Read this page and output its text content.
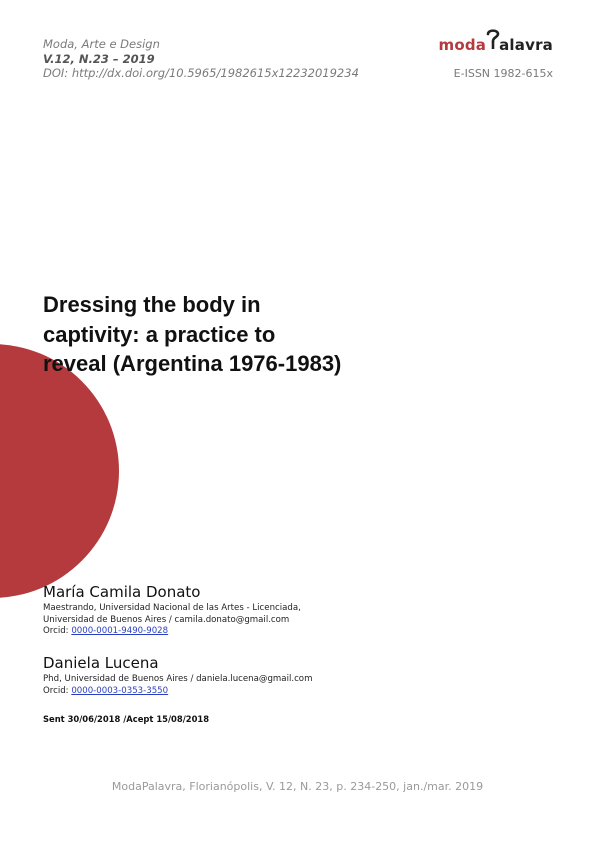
Moda, Arte e Design
V.12, N.23 – 2019
DOI: http://dx.doi.org/10.5965/1982615x12232019234
moda alavra
E-ISSN 1982-615x
Dressing the body in captivity: a practice to reveal (Argentina 1976-1983)
María Camila Donato
Maestrando, Universidad Nacional de las Artes - Licenciada,
Universidad de Buenos Aires / camila.donato@gmail.com
Orcid: 0000-0001-9490-9028
Daniela Lucena
Phd, Universidad de Buenos Aires / daniela.lucena@gmail.com
Orcid: 0000-0003-0353-3550
Sent 30/06/2018 /Acept 15/08/2018
ModaPalavra, Florianópolis, V. 12, N. 23, p. 234-250, jan./mar. 2019
